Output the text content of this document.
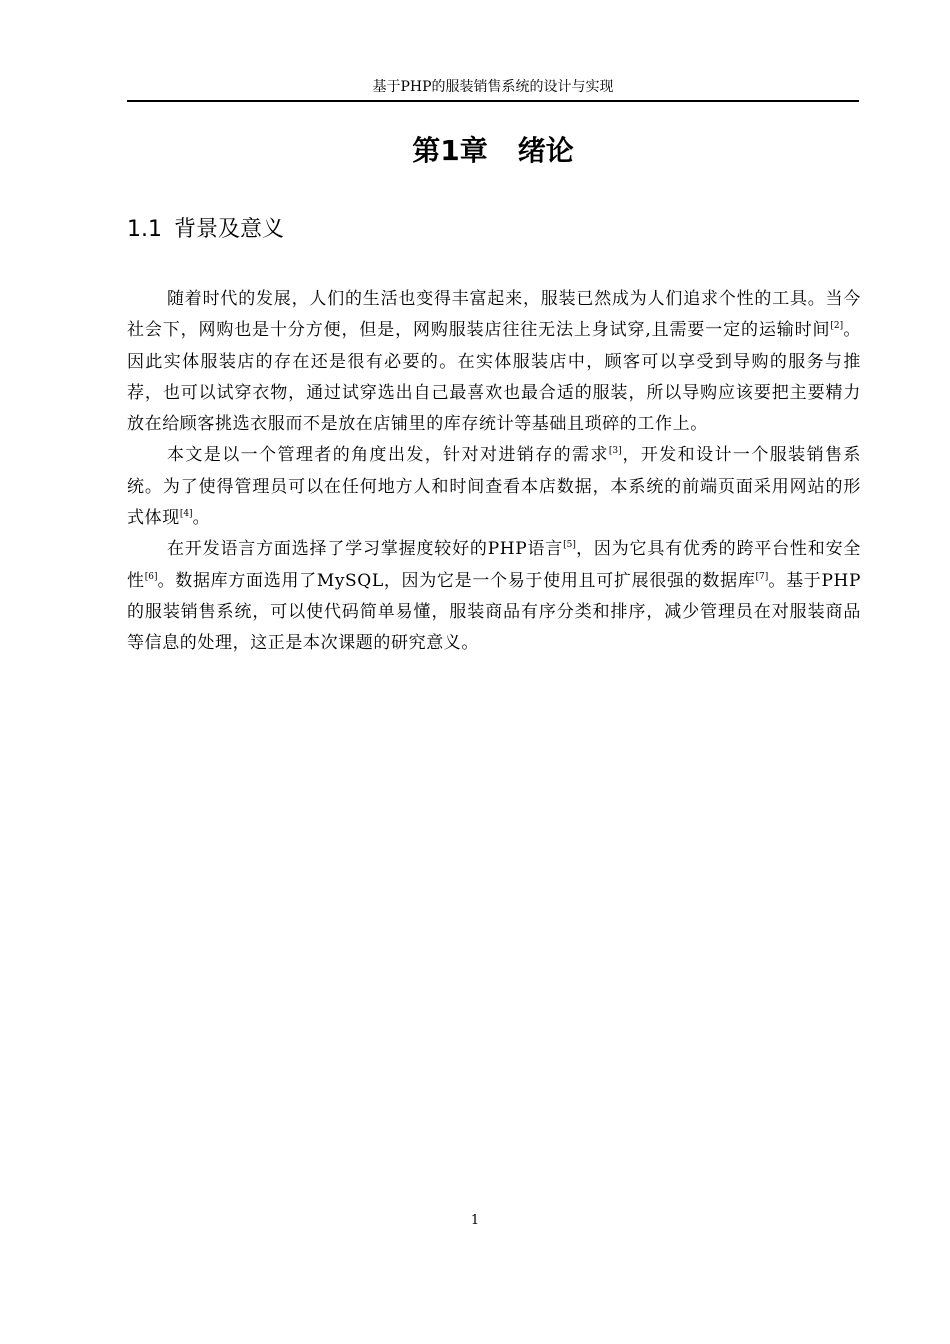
基于PHP的服装销售系统的设计与实现
第1章 绪论
1.1 背景及意义

随着时代的发展，人们的生活也变得丰富起来，服装已然成为人们追求个性的工具。当今社会下，网购也是十分方便，但是，网购服装店往往无法上身试穿,且需要一定的运输时间[2]。因此实体服装店的存在还是很有必要的。在实体服装店中，顾客可以享受到导购的服务与推荐，也可以试穿衣物，通过试穿选出自己最喜欢也最合适的服装，所以导购应该要把主要精力放在给顾客挑选衣服而不是放在店铺里的库存统计等基础且琐碎的工作上。

本文是以一个管理者的角度出发，针对对进销存的需求[3]，开发和设计一个服装销售系统。为了使得管理员可以在任何地方人和时间查看本店数据，本系统的前端页面采用网站的形式体现[4]。

在开发语言方面选择了学习掌握度较好的PHP语言[5]，因为它具有优秀的跨平台性和安全性[6]。数据库方面选用了MySQL，因为它是一个易于使用且可扩展很强的数据库[7]。基于PHP的服装销售系统，可以使代码简单易懂，服装商品有序分类和排序，减少管理员在对服装商品等信息的处理，这正是本次课题的研究意义。

1
